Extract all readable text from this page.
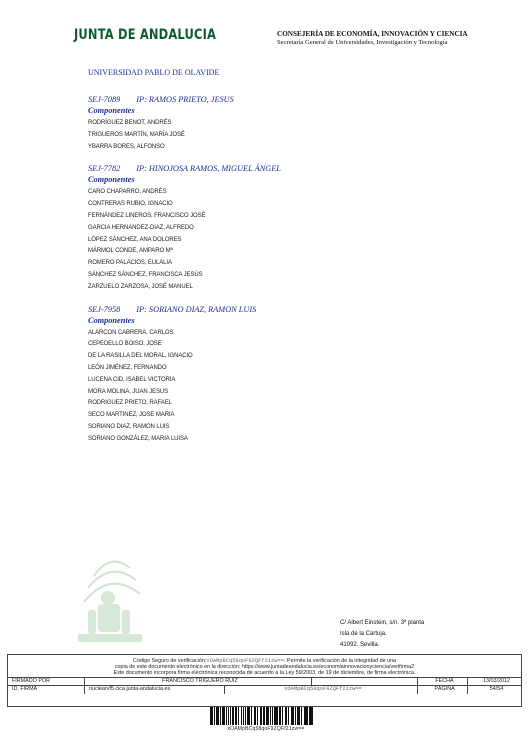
JUNTA DE ANDALUCIA	CONSEJERÍA DE ECONOMÍA, INNOVACIÓN Y CIENCIA
Secretaría General de Universidades, Investigación y Tecnología
UNIVERSIDAD PABLO DE OLAVIDE
SEJ-7089 IP: RAMOS PRIETO, JESUS
Componentes
RODRÍGUEZ BENOT, ANDRÉS
TRIGUEROS MARTÍN, MARÍA JOSÉ
YBARRA BORES, ALFONSO
SEJ-7782 IP: HINOJOSA RAMOS, MIGUEL ÁNGEL
Componentes
CARO CHAPARRO, ANDRÉS
CONTRERAS RUBIO, IGNACIO
FERNÁNDEZ LINEROS, FRANCISCO JOSÉ
GARCIA HERNANDEZ-DIAZ, ALFREDO
LÓPEZ SÁNCHEZ, ANA DOLORES
MÁRMOL CONDE, AMPARO Mª
ROMERO PALACIOS, EULALIA
SÁNCHEZ SÁNCHEZ, FRANCISCA JESÚS
ZARZUELO ZARZOSA, JOSÉ MANUEL
SEJ-7958 IP: SORIANO DIAZ, RAMON LUIS
Componentes
ALARCON CABRERA, CARLOS
CEPEDELLO BOISO, JOSE
DE LA RASILLA DEL MORAL, IGNACIO
LEÓN JIMÉNEZ, FERNANDO
LUCENA CID, ISABEL VICTORIA
MORA MOLINA, JUAN JESUS
RODRIGUEZ PRIETO, RAFAEL
SECO MARTINEZ, JOSE MARIA
SORIANO DIAZ, RAMON LUIS
SORIANO GONZÁLEZ, MARIA LUISA
C/ Albert Einstein, s/n. 3ª planta
Isla de la Cartuja.
41092. Sevilla.
Código Seguro de verificación:xOAMpBCq58qoF9ZQFf21zw==. Permite la verificación de la integridad de una
copia de este documento electrónico en la dirección: https://www.juntadeandalucia.es/economiainnovacionyciencia/verifirma2
Este documento incorpora firma electrónica reconocida de acuerdo a la Ley 59/2003, de 19 de diciembre, de firma electrónica.
FIRMADO POR	FRANCISCO TRIGUERO RUIZ	FECHA	13/03/2012
ID. FIRMA	nuclearvf5.cica.junta-andalucia.es	xOAMpBCq58qoF9ZQFf21zw==	PÁGINA	54/54
xOAMpBCq58qoF9ZQFf21zw==
